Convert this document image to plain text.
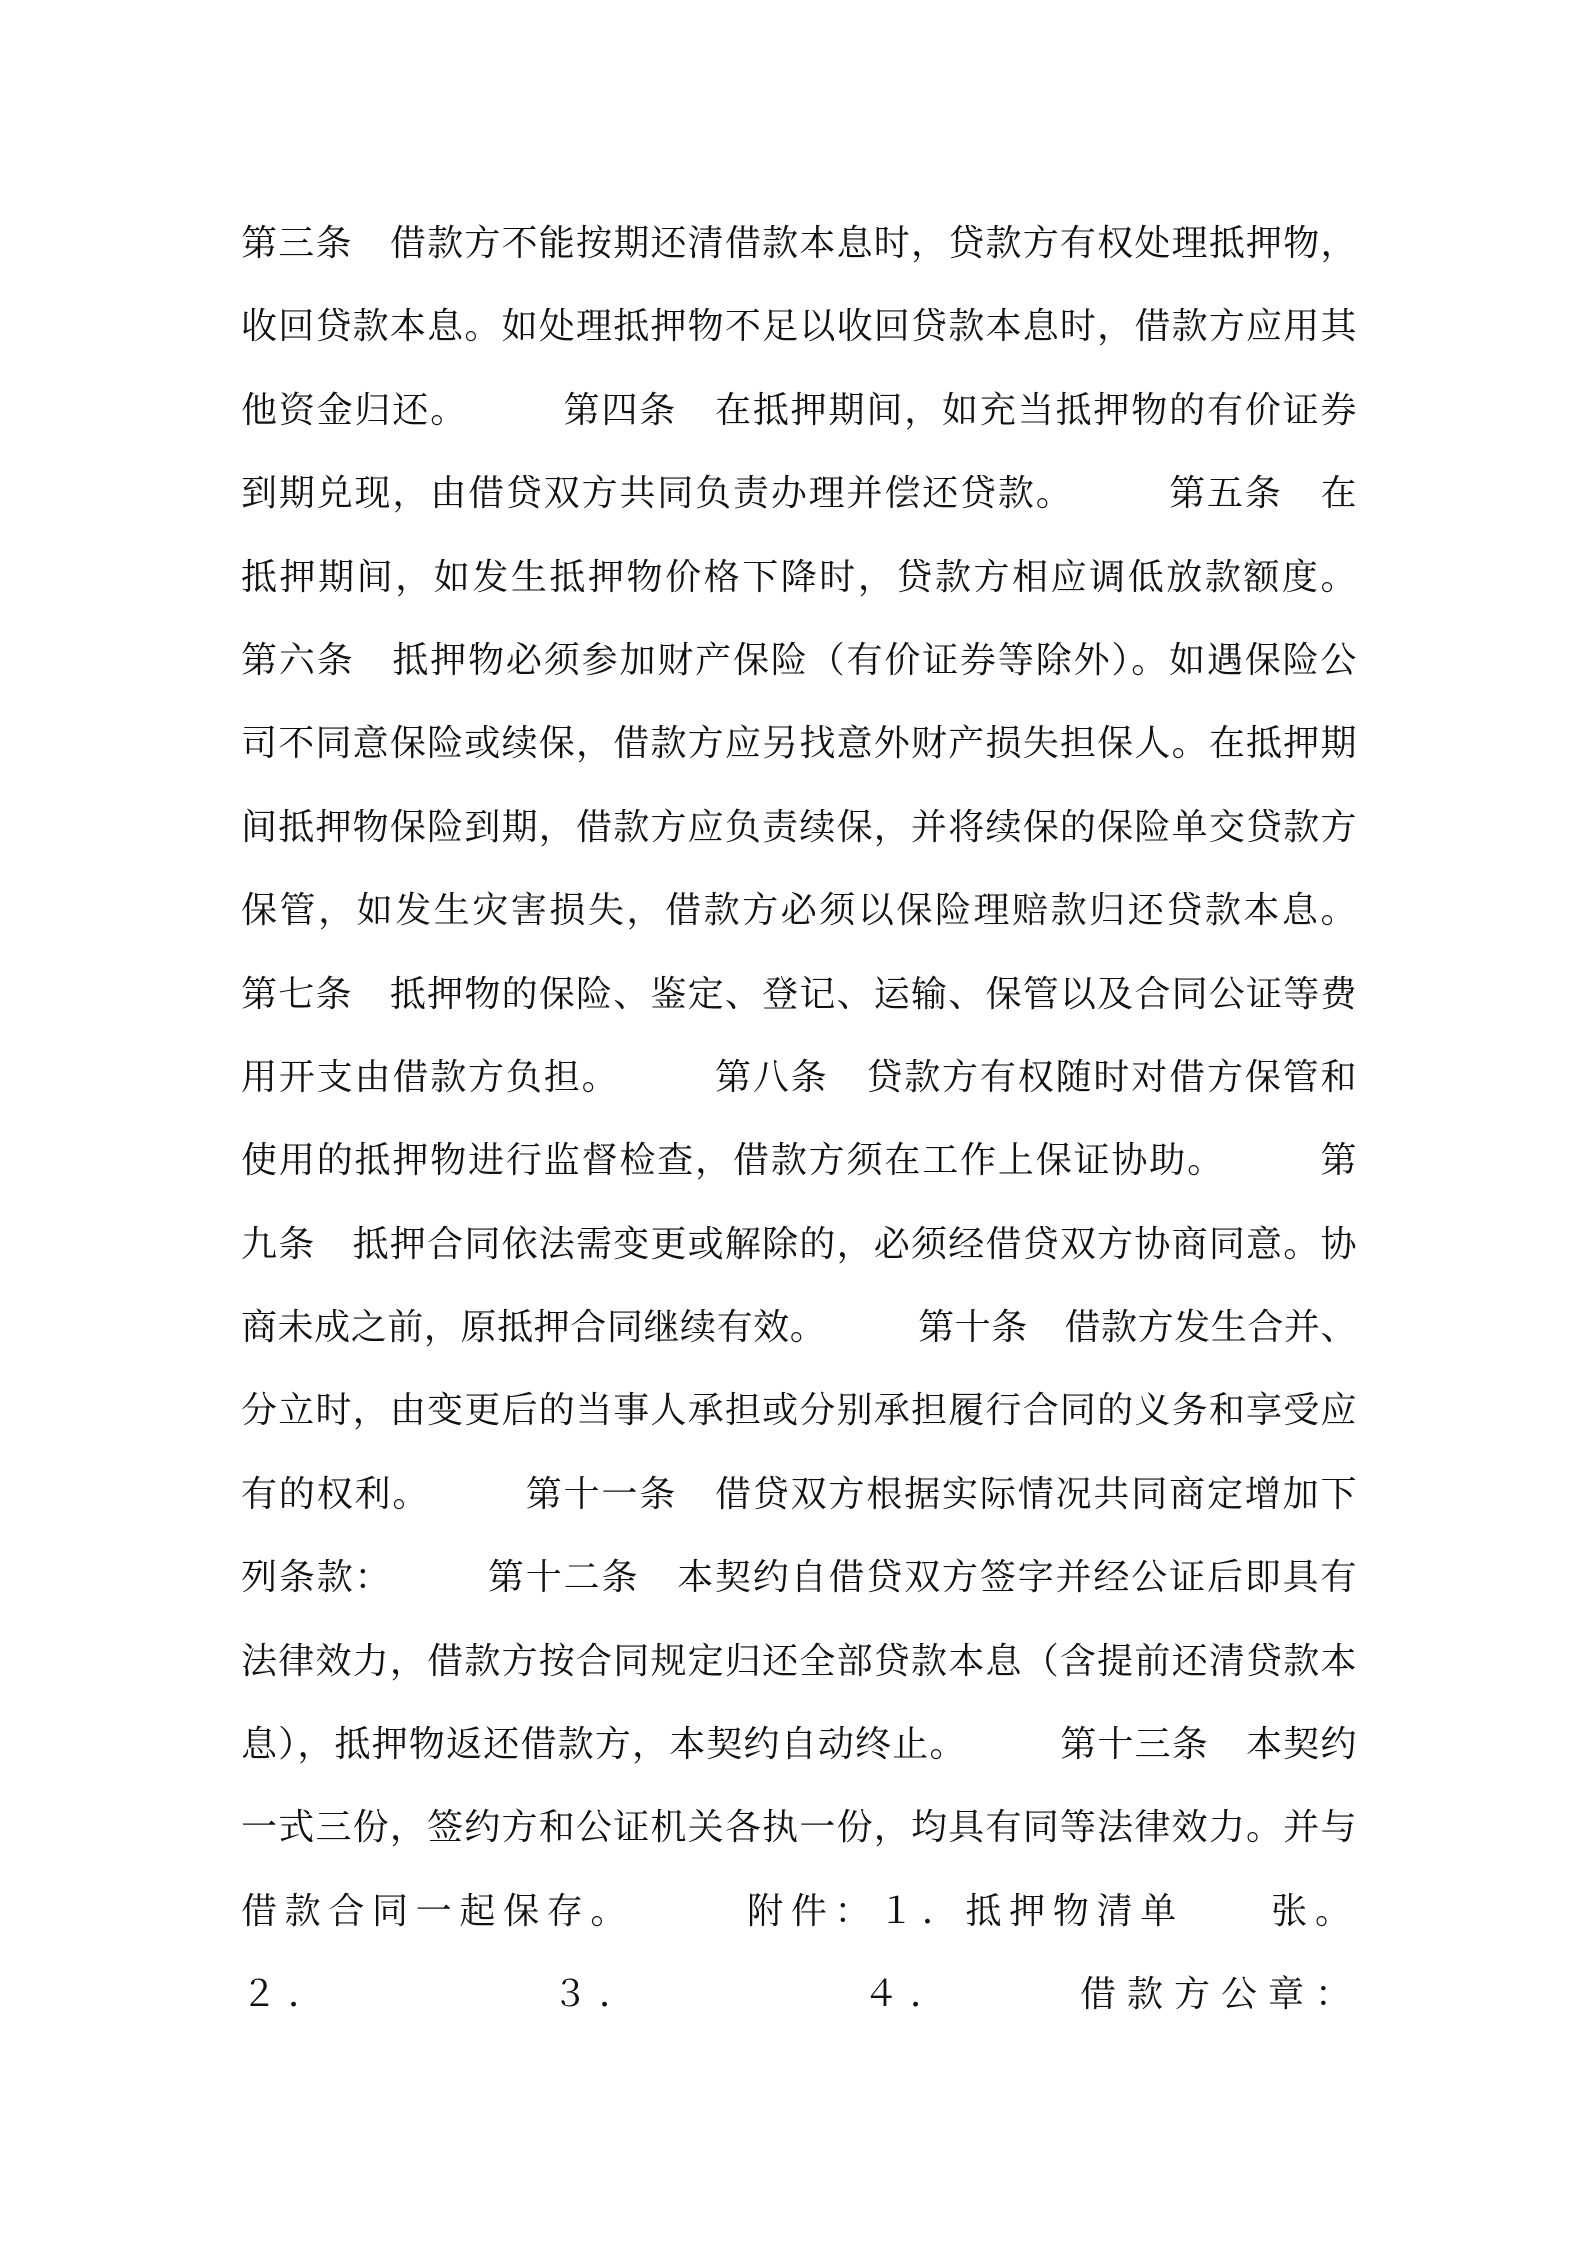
第三条　借款方不能按期还清借款本息时，贷款方有权处理抵押物，
收回贷款本息。如处理抵押物不足以收回贷款本息时，借款方应用其
他资金归还。　　　第四条　在抵押期间，如充当抵押物的有价证券
到期兑现，由借贷双方共同负责办理并偿还贷款。　　　第五条　在
抵押期间，如发生抵押物价格下降时，贷款方相应调低放款额度。
第六条　抵押物必须参加财产保险（有价证券等除外）。如遇保险公
司不同意保险或续保，借款方应另找意外财产损失担保人。在抵押期
间抵押物保险到期，借款方应负责续保，并将续保的保险单交贷款方
保管，如发生灾害损失，借款方必须以保险理赔款归还贷款本息。
第七条　抵押物的保险、鉴定、登记、运输、保管以及合同公证等费
用开支由借款方负担。　　　第八条　贷款方有权随时对借方保管和
使用的抵押物进行监督检查，借款方须在工作上保证协助。　　　第
九条　抵押合同依法需变更或解除的，必须经借贷双方协商同意。协
商未成之前，原抵押合同继续有效。　　　第十条　借款方发生合并、
分立时，由变更后的当事人承担或分别承担履行合同的义务和享受应
有的权利。　　　第十一条　借贷双方根据实际情况共同商定增加下
列条款：　　　第十二条　本契约自借贷双方签字并经公证后即具有
法律效力，借款方按合同规定归还全部贷款本息（含提前还清贷款本
息），抵押物返还借款方，本契约自动终止。　　　第十三条　本契约
一式三份，签约方和公证机关各执一份，均具有同等法律效力。并与
借款合同一起保存。　　　附件：１．抵押物清单　　张。
２．　　　　　３．　　　　　４．　　　借款方公章：
